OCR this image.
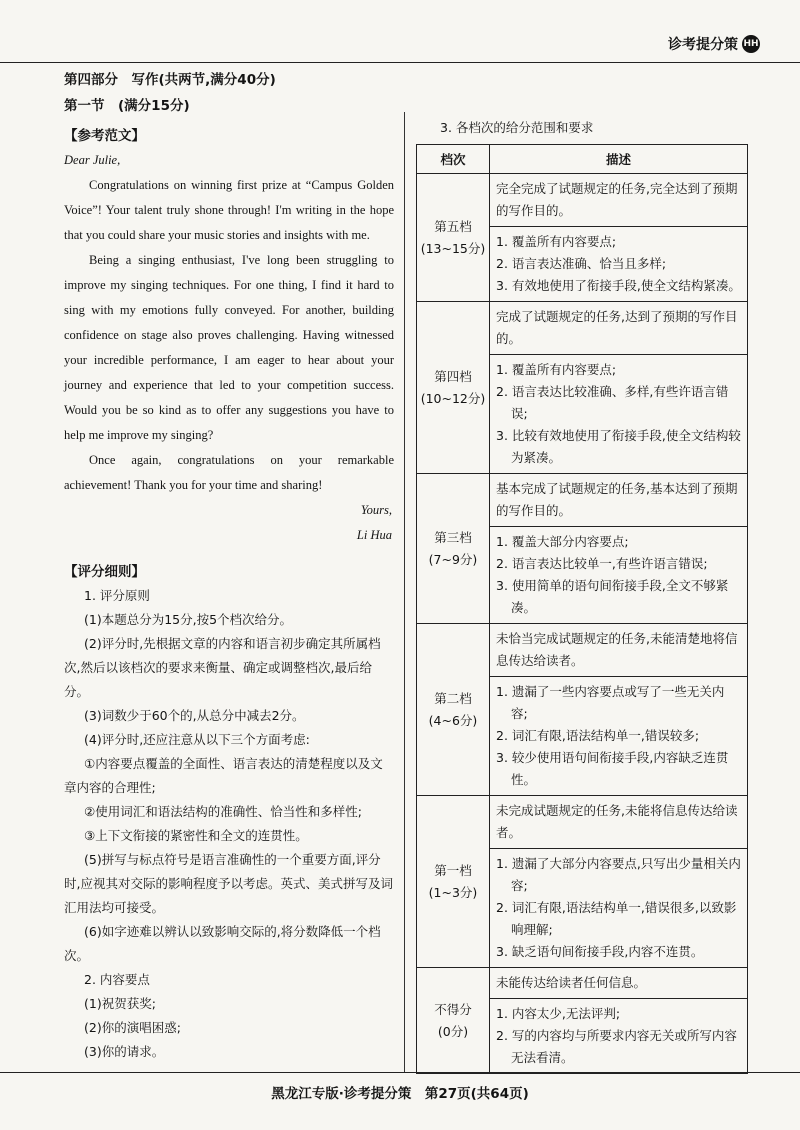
诊考提分策 HH

第四部分　写作(共两节,满分40分)

第一节　(满分15分)

【参考范文】

Dear Julie,

Congratulations on winning first prize at “Campus Golden Voice”! Your talent truly shone through! I'm writing in the hope that you could share your music stories and insights with me.

Being a singing enthusiast, I've long been struggling to improve my singing techniques. For one thing, I find it hard to sing with my emotions fully conveyed. For another, building confidence on stage also proves challenging. Having witnessed your incredible performance, I am eager to hear about your journey and experience that led to your competition success. Would you be so kind as to offer any suggestions you have to help me improve my singing?

Once again, congratulations on your remarkable achievement! Thank you for your time and sharing!

Yours,

Li Hua

【评分细则】

1. 评分原则

(1)本题总分为15分,按5个档次给分。

(2)评分时,先根据文章的内容和语言初步确定其所属档次,然后以该档次的要求来衡量、确定或调整档次,最后给分。

(3)词数少于60个的,从总分中减去2分。

(4)评分时,还应注意从以下三个方面考虑:

①内容要点覆盖的全面性、语言表达的清楚程度以及文章内容的合理性;

②使用词汇和语法结构的准确性、恰当性和多样性;

③上下文衔接的紧密性和全文的连贯性。

(5)拼写与标点符号是语言准确性的一个重要方面,评分时,应视其对交际的影响程度予以考虑。英式、美式拼写及词汇用法均可接受。

(6)如字迹难以辨认以致影响交际的,将分数降低一个档次。

2. 内容要点

(1)祝贺获奖;

(2)你的演唱困惑;

(3)你的请求。

3. 各档次的给分范围和要求

档次	描述

第五档
(13~15分)	完全完成了试题规定的任务,完全达到了预期的写作目的。

	1. 覆盖所有内容要点;
2. 语言表达准确、恰当且多样;
3. 有效地使用了衔接手段,使全文结构紧凑。

第四档
(10~12分)	完成了试题规定的任务,达到了预期的写作目的。

	1. 覆盖所有内容要点;
2. 语言表达比较准确、多样,有些许语言错误;
3. 比较有效地使用了衔接手段,使全文结构较为紧凑。

第三档
(7~9分)	基本完成了试题规定的任务,基本达到了预期的写作目的。

	1. 覆盖大部分内容要点;
2. 语言表达比较单一,有些许语言错误;
3. 使用简单的语句间衔接手段,全文不够紧凑。

第二档
(4~6分)	未恰当完成试题规定的任务,未能清楚地将信息传达给读者。

	1. 遗漏了一些内容要点或写了一些无关内容;
2. 词汇有限,语法结构单一,错误较多;
3. 较少使用语句间衔接手段,内容缺乏连贯性。

第一档
(1~3分)	未完成试题规定的任务,未能将信息传达给读者。

	1. 遗漏了大部分内容要点,只写出少量相关内容;
2. 词汇有限,语法结构单一,错误很多,以致影响理解;
3. 缺乏语句间衔接手段,内容不连贯。

不得分
(0分)	未能传达给读者任何信息。

	1. 内容太少,无法评判;
2. 写的内容均与所要求内容无关或所写内容无法看清。
黑龙江专版·诊考提分策　第27页(共64页)
